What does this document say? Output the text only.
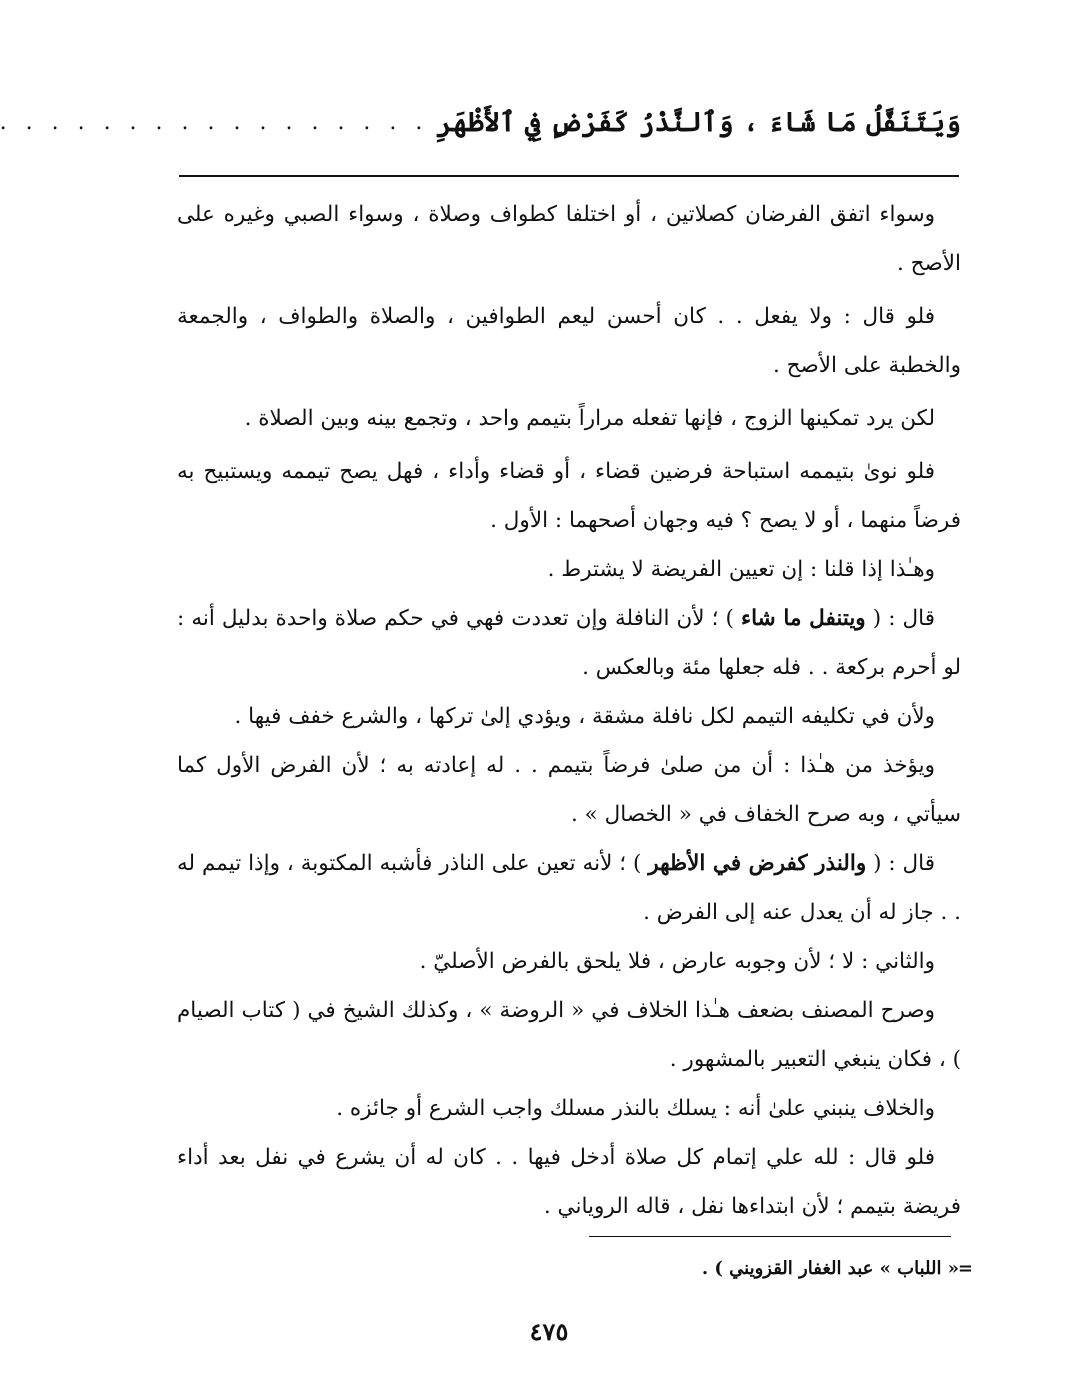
وَيَتَنَفَّلُ مَا شَاءَ ، وَٱلنَّذْرُ كَفَرْضٍ فِي ٱلأَظْهَرِ
. . . . . . . . . . . . . . . . .

وسواء اتفق الفرضان كصلاتين ، أو اختلفا كطواف وصلاة ، وسواء الصبي وغيره على الأصح .

فلو قال : ولا يفعل . . كان أحسن ليعم الطوافين ، والصلاة والطواف ، والجمعة والخطبة على الأصح .

لكن يرد تمكينها الزوج ، فإنها تفعله مراراً بتيمم واحد ، وتجمع بينه وبين الصلاة .

فلو نوىٰ بتيممه استباحة فرضين قضاء ، أو قضاء وأداء ، فهل يصح تيممه ويستبيح به فرضاً منهما ، أو لا يصح ؟ فيه وجهان أصحهما : الأول .

وهـٰذا إذا قلنا : إن تعيين الفريضة لا يشترط .

قال : ( ويتنفل ما شاء ) ؛ لأن النافلة وإن تعددت فهي في حكم صلاة واحدة بدليل أنه : لو أحرم بركعة . . فله جعلها مئة وبالعكس .

ولأن في تكليفه التيمم لكل نافلة مشقة ، ويؤدي إلىٰ تركها ، والشرع خفف فيها .

ويؤخذ من هـٰذا : أن من صلىٰ فرضاً بتيمم . . له إعادته به ؛ لأن الفرض الأول كما سيأتي ، وبه صرح الخفاف في « الخصال » .

قال : ( والنذر كفرض في الأظهر ) ؛ لأنه تعين على الناذر فأشبه المكتوبة ، وإذا تيمم له . . جاز له أن يعدل عنه إلى الفرض .

والثاني : لا ؛ لأن وجوبه عارض ، فلا يلحق بالفرض الأصليّ .

وصرح المصنف بضعف هـٰذا الخلاف في « الروضة » ، وكذلك الشيخ في ( كتاب الصيام ) ، فكان ينبغي التعبير بالمشهور .

والخلاف ينبني علىٰ أنه : يسلك بالنذر مسلك واجب الشرع أو جائزه .

فلو قال : لله علي إتمام كل صلاة أدخل فيها . . كان له أن يشرع في نفل بعد أداء فريضة بتيمم ؛ لأن ابتداءها نفل ، قاله الروياني .

=
« اللباب » عبد الغفار القزويني ) .
٤٧٥
